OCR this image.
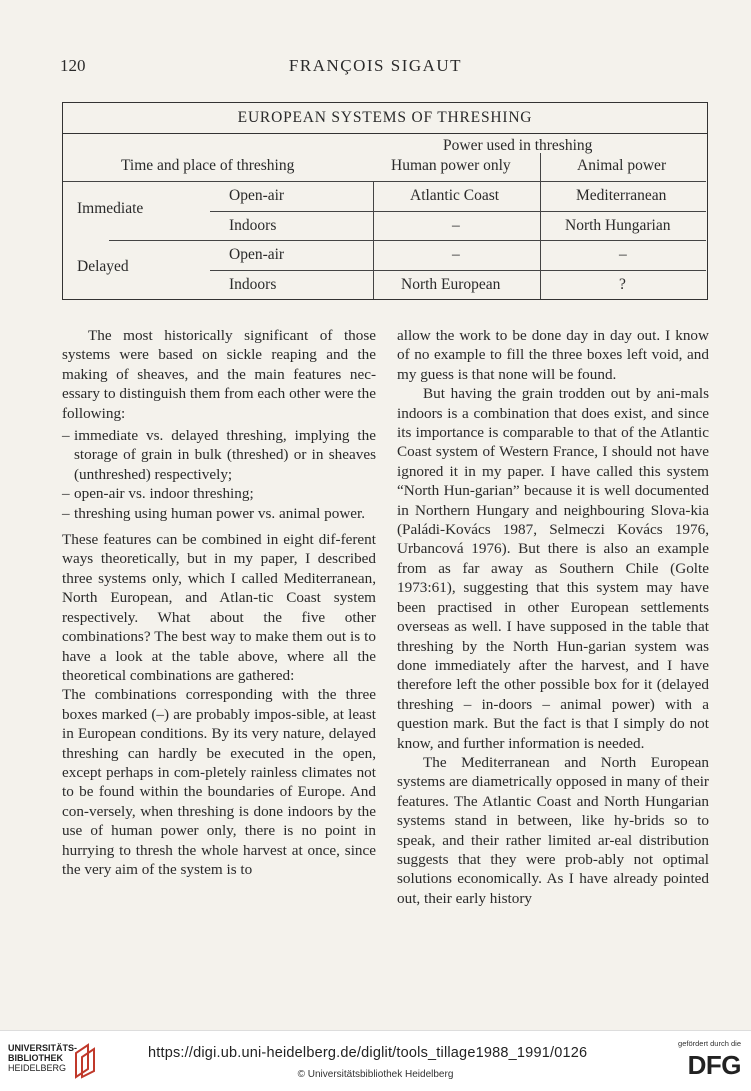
120	FRANÇOIS SIGAUT
EUROPEAN SYSTEMS OF THRESHING
Time and place of threshing
Power used in threshing
Human power only	Animal power
Immediate
Open-air	Atlantic Coast	Mediterranean
Indoors	–	North Hungarian
Delayed
Open-air	–	–
Indoors	North European	?

The most historically significant of those systems were based on sickle reaping and the making of sheaves, and the main features nec-essary to distinguish them from each other were the following:

– immediate vs. delayed threshing, implying the storage of grain in bulk (threshed) or in sheaves (unthreshed) respectively;
– open-air vs. indoor threshing;
– threshing using human power vs. animal power.

These features can be combined in eight dif-ferent ways theoretically, but in my paper, I described three systems only, which I called Mediterranean, North European, and Atlan-tic Coast system respectively. What about the five other combinations? The best way to make them out is to have a look at the table above, where all the theoretical combinations are gathered:

The combinations corresponding with the three boxes marked (–) are probably impos-sible, at least in European conditions. By its very nature, delayed threshing can hardly be executed in the open, except perhaps in com-pletely rainless climates not to be found within the boundaries of Europe. And con-versely, when threshing is done indoors by the use of human power only, there is no point in hurrying to thresh the whole harvest at once, since the very aim of the system is to

allow the work to be done day in day out. I know of no example to fill the three boxes left void, and my guess is that none will be found.

But having the grain trodden out by ani-mals indoors is a combination that does exist, and since its importance is comparable to that of the Atlantic Coast system of Western France, I should not have ignored it in my paper. I have called this system “North Hun-garian” because it is well documented in Northern Hungary and neighbouring Slova-kia (Paládi-Kovács 1987, Selmeczi Kovács 1976, Urbancová 1976). But there is also an example from as far away as Southern Chile (Golte 1973:61), suggesting that this system may have been practised in other European settlements overseas as well. I have supposed in the table that threshing by the North Hun-garian system was done immediately after the harvest, and I have therefore left the other possible box for it (delayed threshing – in-doors – animal power) with a question mark. But the fact is that I simply do not know, and further information is needed.

The Mediterranean and North European systems are diametrically opposed in many of their features. The Atlantic Coast and North Hungarian systems stand in between, like hy-brids so to speak, and their rather limited ar-eal distribution suggests that they were prob-ably not optimal solutions economically. As I have already pointed out, their early history

UNIVERSITÄTS-
BIBLIOTHEK
HEIDELBERG
https://digi.ub.uni-heidelberg.de/diglit/tools_tillage1988_1991/0126
© Universitätsbibliothek Heidelberg
gefördert durch die
DFG
